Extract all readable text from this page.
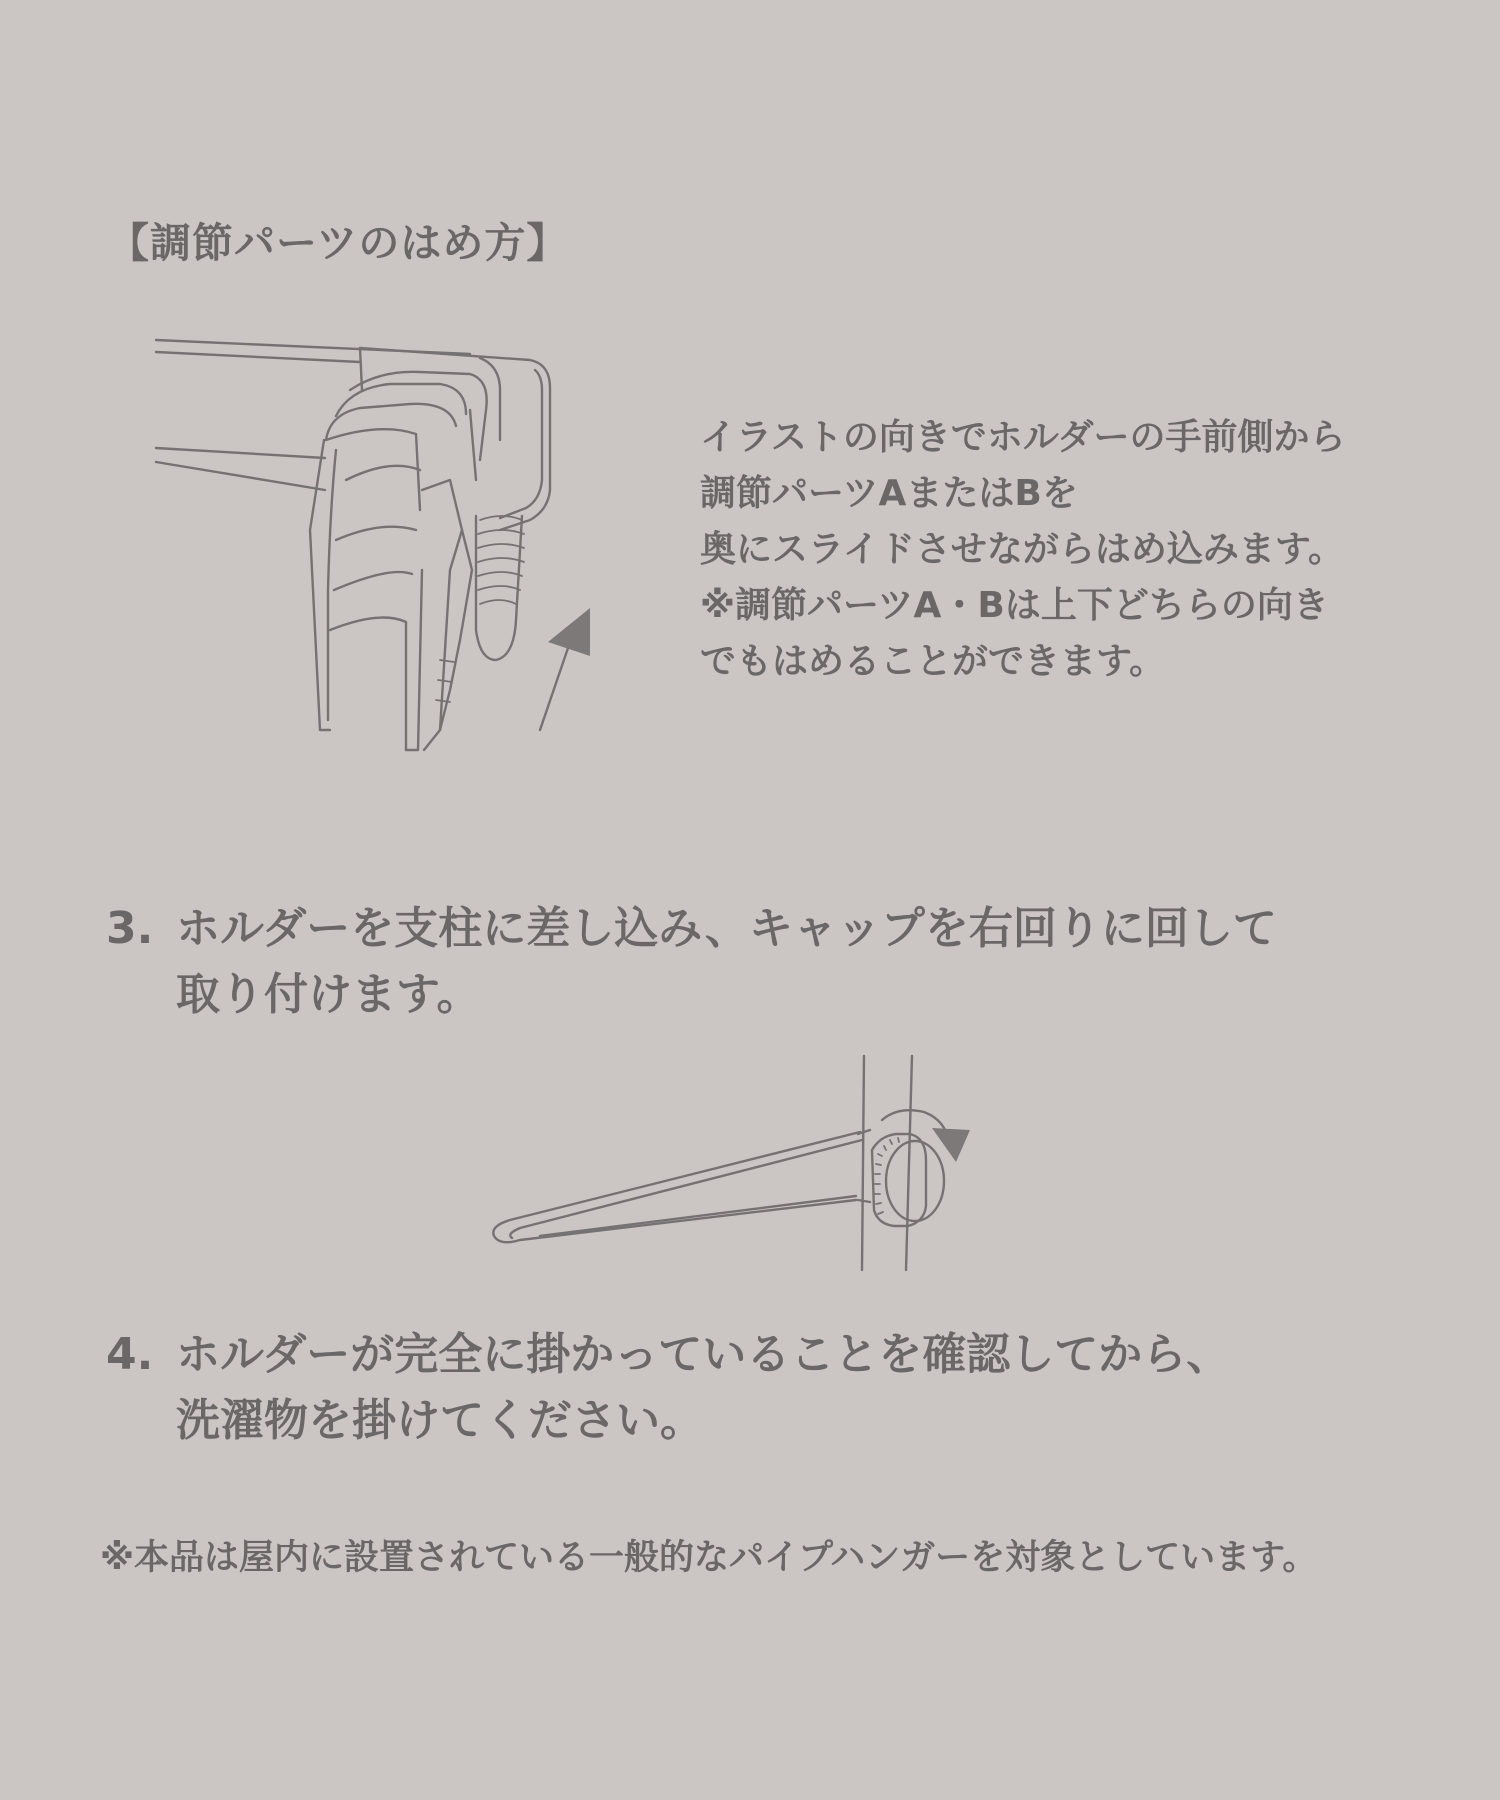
【調節パーツのはめ方】
イラストの向きでホルダーの手前側から
調節パーツAまたはBを
奥にスライドさせながらはめ込みます。
※調節パーツA・Bは上下どちらの向き
でもはめることができます。
3. ホルダーを支柱に差し込み、キャップを右回りに回して
取り付けます。
4. ホルダーが完全に掛かっていることを確認してから、
洗濯物を掛けてください。
※本品は屋内に設置されている一般的なパイプハンガーを対象としています。
